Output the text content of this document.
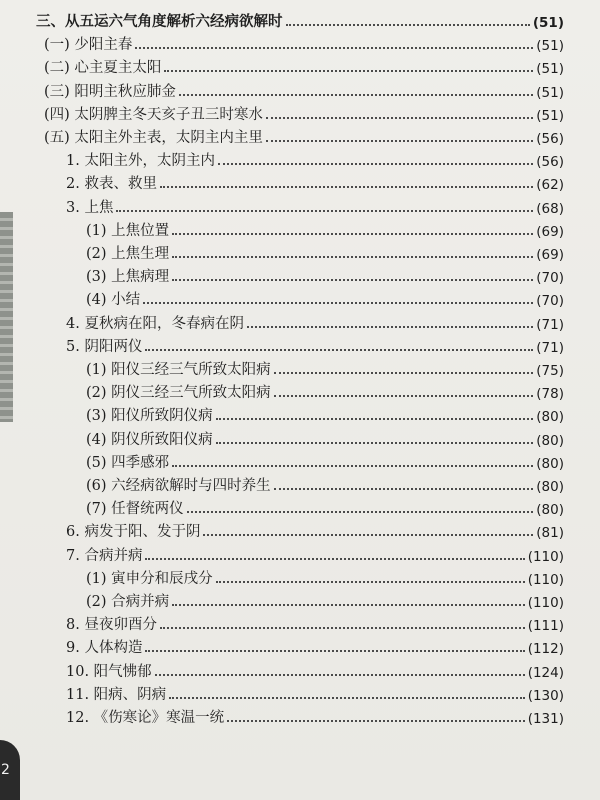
2
三、从五运六气角度解析六经病欲解时	(51)
(一) 少阳主春	(51)
(二) 心主夏主太阳	(51)
(三) 阳明主秋应肺金	(51)
(四) 太阴脾主冬天亥子丑三时寒水	(51)
(五) 太阳主外主表，太阴主内主里	(56)
1. 太阳主外，太阴主内	(56)
2. 救表、救里	(62)
3. 上焦	(68)
(1) 上焦位置	(69)
(2) 上焦生理	(69)
(3) 上焦病理	(70)
(4) 小结	(70)
4. 夏秋病在阳，冬春病在阴	(71)
5. 阴阳两仪	(71)
(1) 阳仪三经三气所致太阳病	(75)
(2) 阴仪三经三气所致太阳病	(78)
(3) 阳仪所致阴仪病	(80)
(4) 阴仪所致阳仪病	(80)
(5) 四季感邪	(80)
(6) 六经病欲解时与四时养生	(80)
(7) 任督统两仪	(80)
6. 病发于阳、发于阴	(81)
7. 合病并病	(110)
(1) 寅申分和辰戌分	(110)
(2) 合病并病	(110)
8. 昼夜卯酉分	(111)
9. 人体构造	(112)
10. 阳气怫郁	(124)
11. 阳病、阴病	(130)
12. 《伤寒论》寒温一统	(131)
